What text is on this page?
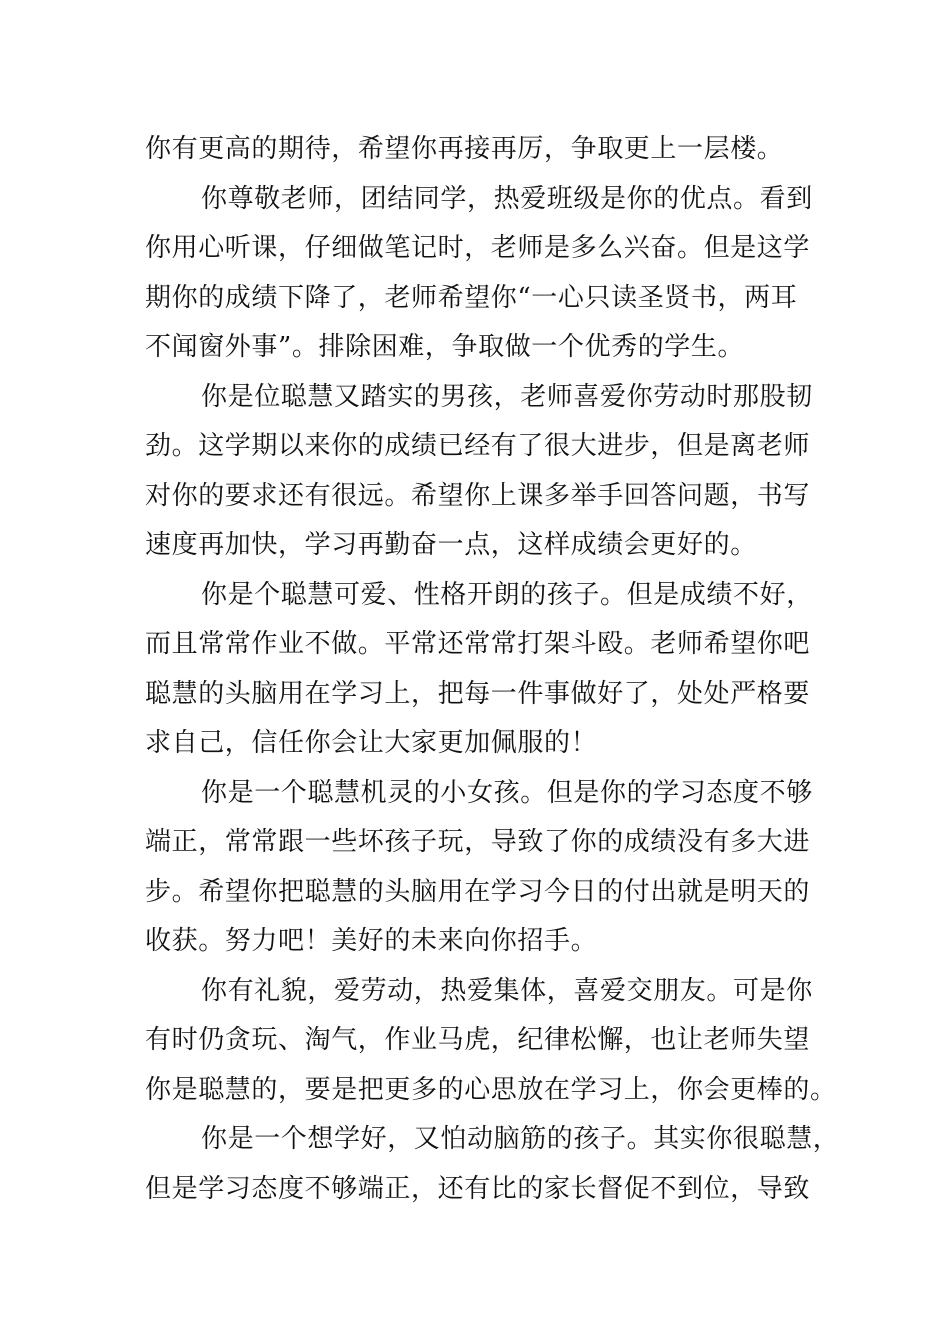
你有更高的期待，希望你再接再厉，争取更上一层楼。
你尊敬老师，团结同学，热爱班级是你的优点。看到
你用心听课，仔细做笔记时，老师是多么兴奋。但是这学
期你的成绩下降了，老师希望你“一心只读圣贤书，两耳
不闻窗外事”。排除困难，争取做一个优秀的学生。
你是位聪慧又踏实的男孩，老师喜爱你劳动时那股韧
劲。这学期以来你的成绩已经有了很大进步，但是离老师
对你的要求还有很远。希望你上课多举手回答问题，书写
速度再加快，学习再勤奋一点，这样成绩会更好的。
你是个聪慧可爱、性格开朗的孩子。但是成绩不好，
而且常常作业不做。平常还常常打架斗殴。老师希望你吧
聪慧的头脑用在学习上，把每一件事做好了，处处严格要
求自己，信任你会让大家更加佩服的！
你是一个聪慧机灵的小女孩。但是你的学习态度不够
端正，常常跟一些坏孩子玩，导致了你的成绩没有多大进
步。希望你把聪慧的头脑用在学习今日的付出就是明天的
收获。努力吧！美好的未来向你招手。
你有礼貌，爱劳动，热爱集体，喜爱交朋友。可是你
有时仍贪玩、淘气，作业马虎，纪律松懈，也让老师失望
你是聪慧的，要是把更多的心思放在学习上，你会更棒的。
你是一个想学好，又怕动脑筋的孩子。其实你很聪慧，
但是学习态度不够端正，还有比的家长督促不到位，导致
